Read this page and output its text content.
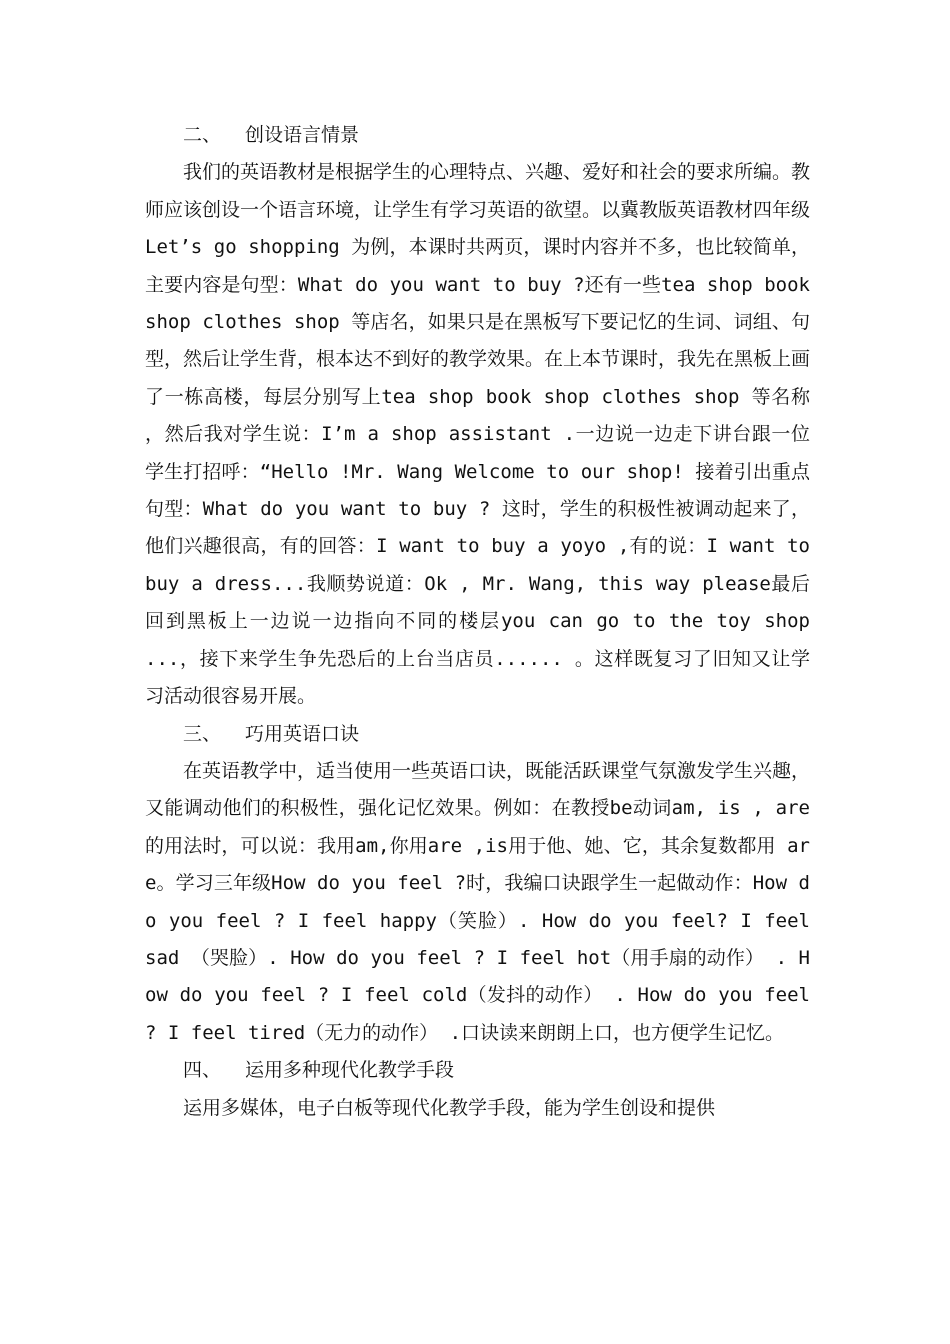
二、 创设语言情景

我们的英语教材是根据学生的心理特点、兴趣、爱好和社会的要求所编。教师应该创设一个语言环境，让学生有学习英语的欲望。以冀教版英语教材四年级Let’s go shopping 为例，本课时共两页，课时内容并不多，也比较简单，主要内容是句型：What do you want to buy ?还有一些tea shop book shop clothes shop 等店名，如果只是在黑板写下要记忆的生词、词组、句型，然后让学生背，根本达不到好的教学效果。在上本节课时，我先在黑板上画了一栋高楼，每层分别写上tea shop book shop clothes shop 等名称 ，然后我对学生说：I’m a shop assistant .一边说一边走下讲台跟一位学生打招呼：“Hello !Mr. Wang Welcome to our shop! 接着引出重点句型：What do you want to buy ? 这时，学生的积极性被调动起来了，他们兴趣很高，有的回答：I want to buy a yoyo ,有的说：I want to buy a dress...我顺势说道：Ok , Mr. Wang, this way please最后回到黑板上一边说一边指向不同的楼层you can go to the toy shop ...，接下来学生争先恐后的上台当店员...... 。这样既复习了旧知又让学习活动很容易开展。

三、 巧用英语口诀

在英语教学中，适当使用一些英语口诀，既能活跃课堂气氛激发学生兴趣，又能调动他们的积极性，强化记忆效果。例如：在教授be动词am, is , are 的用法时，可以说：我用am,你用are ,is用于他、她、它，其余复数都用 are。学习三年级How do you feel ?时，我编口诀跟学生一起做动作：How do you feel ? I feel happy（笑脸）. How do you feel? I feel sad （哭脸）. How do you feel ? I feel hot（用手扇的动作） . How do you feel ? I feel cold（发抖的动作） . How do you feel ? I feel tired（无力的动作） .口诀读来朗朗上口，也方便学生记忆。

四、 运用多种现代化教学手段

运用多媒体，电子白板等现代化教学手段，能为学生创设和提供
